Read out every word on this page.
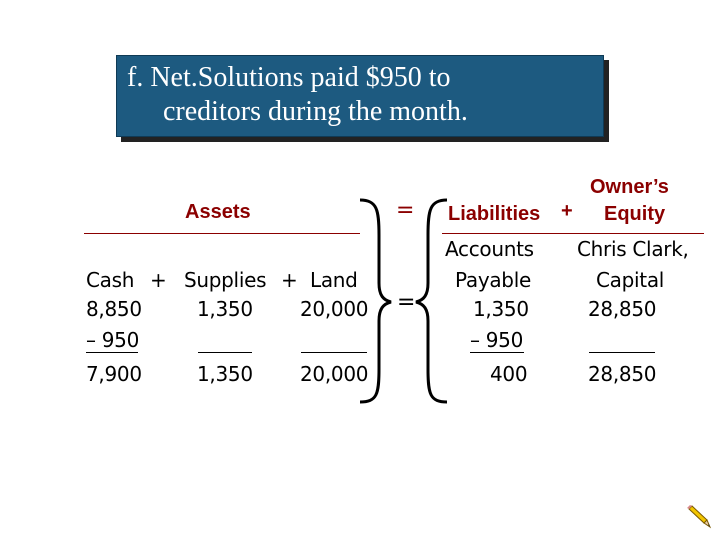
f. Net.Solutions paid $950 to
creditors during the month.
Assets	=
Owner’s
Liabilities + Equity
=
Cash + Supplies + Land
Accounts
Payable
Chris Clark,
Capital
8,850
– 950
7,900
1,350
1,350
20,000
20,000
1,350
– 950
400
28,850
28,850
